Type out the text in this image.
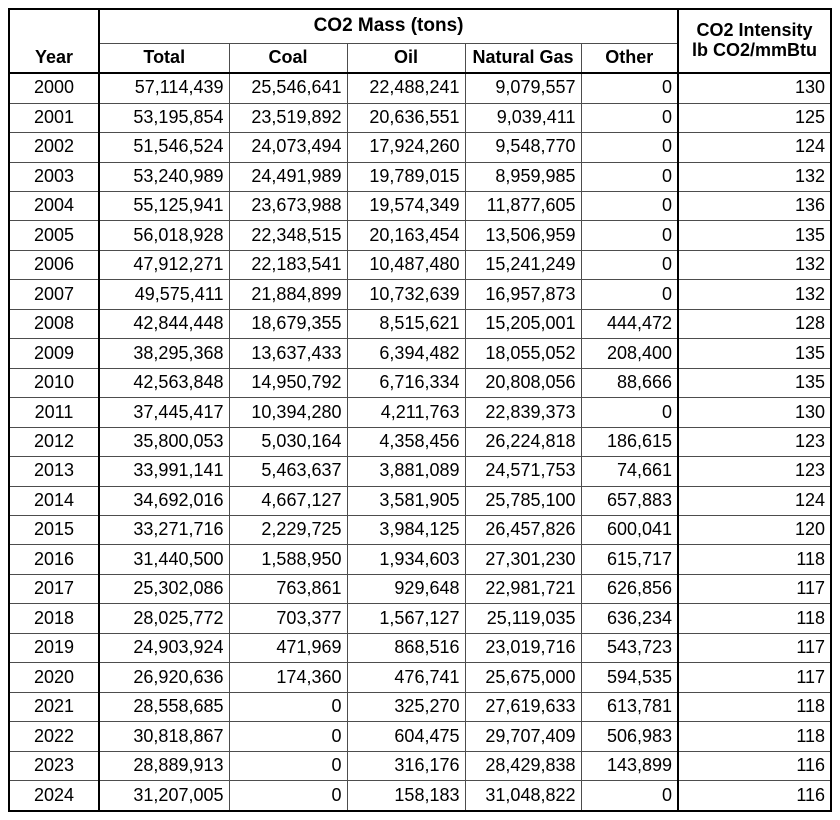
Year	CO2 Mass (tons)					CO2 Intensity
lb CO2/mmBtu

	Total	Coal	Oil	Natural Gas	Other	
2000	57,114,439	25,546,641	22,488,241	9,079,557	0	130
2001	53,195,854	23,519,892	20,636,551	9,039,411	0	125
2002	51,546,524	24,073,494	17,924,260	9,548,770	0	124
2003	53,240,989	24,491,989	19,789,015	8,959,985	0	132
2004	55,125,941	23,673,988	19,574,349	11,877,605	0	136
2005	56,018,928	22,348,515	20,163,454	13,506,959	0	135
2006	47,912,271	22,183,541	10,487,480	15,241,249	0	132
2007	49,575,411	21,884,899	10,732,639	16,957,873	0	132
2008	42,844,448	18,679,355	8,515,621	15,205,001	444,472	128
2009	38,295,368	13,637,433	6,394,482	18,055,052	208,400	135
2010	42,563,848	14,950,792	6,716,334	20,808,056	88,666	135
2011	37,445,417	10,394,280	4,211,763	22,839,373	0	130
2012	35,800,053	5,030,164	4,358,456	26,224,818	186,615	123
2013	33,991,141	5,463,637	3,881,089	24,571,753	74,661	123
2014	34,692,016	4,667,127	3,581,905	25,785,100	657,883	124
2015	33,271,716	2,229,725	3,984,125	26,457,826	600,041	120
2016	31,440,500	1,588,950	1,934,603	27,301,230	615,717	118
2017	25,302,086	763,861	929,648	22,981,721	626,856	117
2018	28,025,772	703,377	1,567,127	25,119,035	636,234	118
2019	24,903,924	471,969	868,516	23,019,716	543,723	117
2020	26,920,636	174,360	476,741	25,675,000	594,535	117
2021	28,558,685	0	325,270	27,619,633	613,781	118
2022	30,818,867	0	604,475	29,707,409	506,983	118
2023	28,889,913	0	316,176	28,429,838	143,899	116
2024	31,207,005	0	158,183	31,048,822	0	116
